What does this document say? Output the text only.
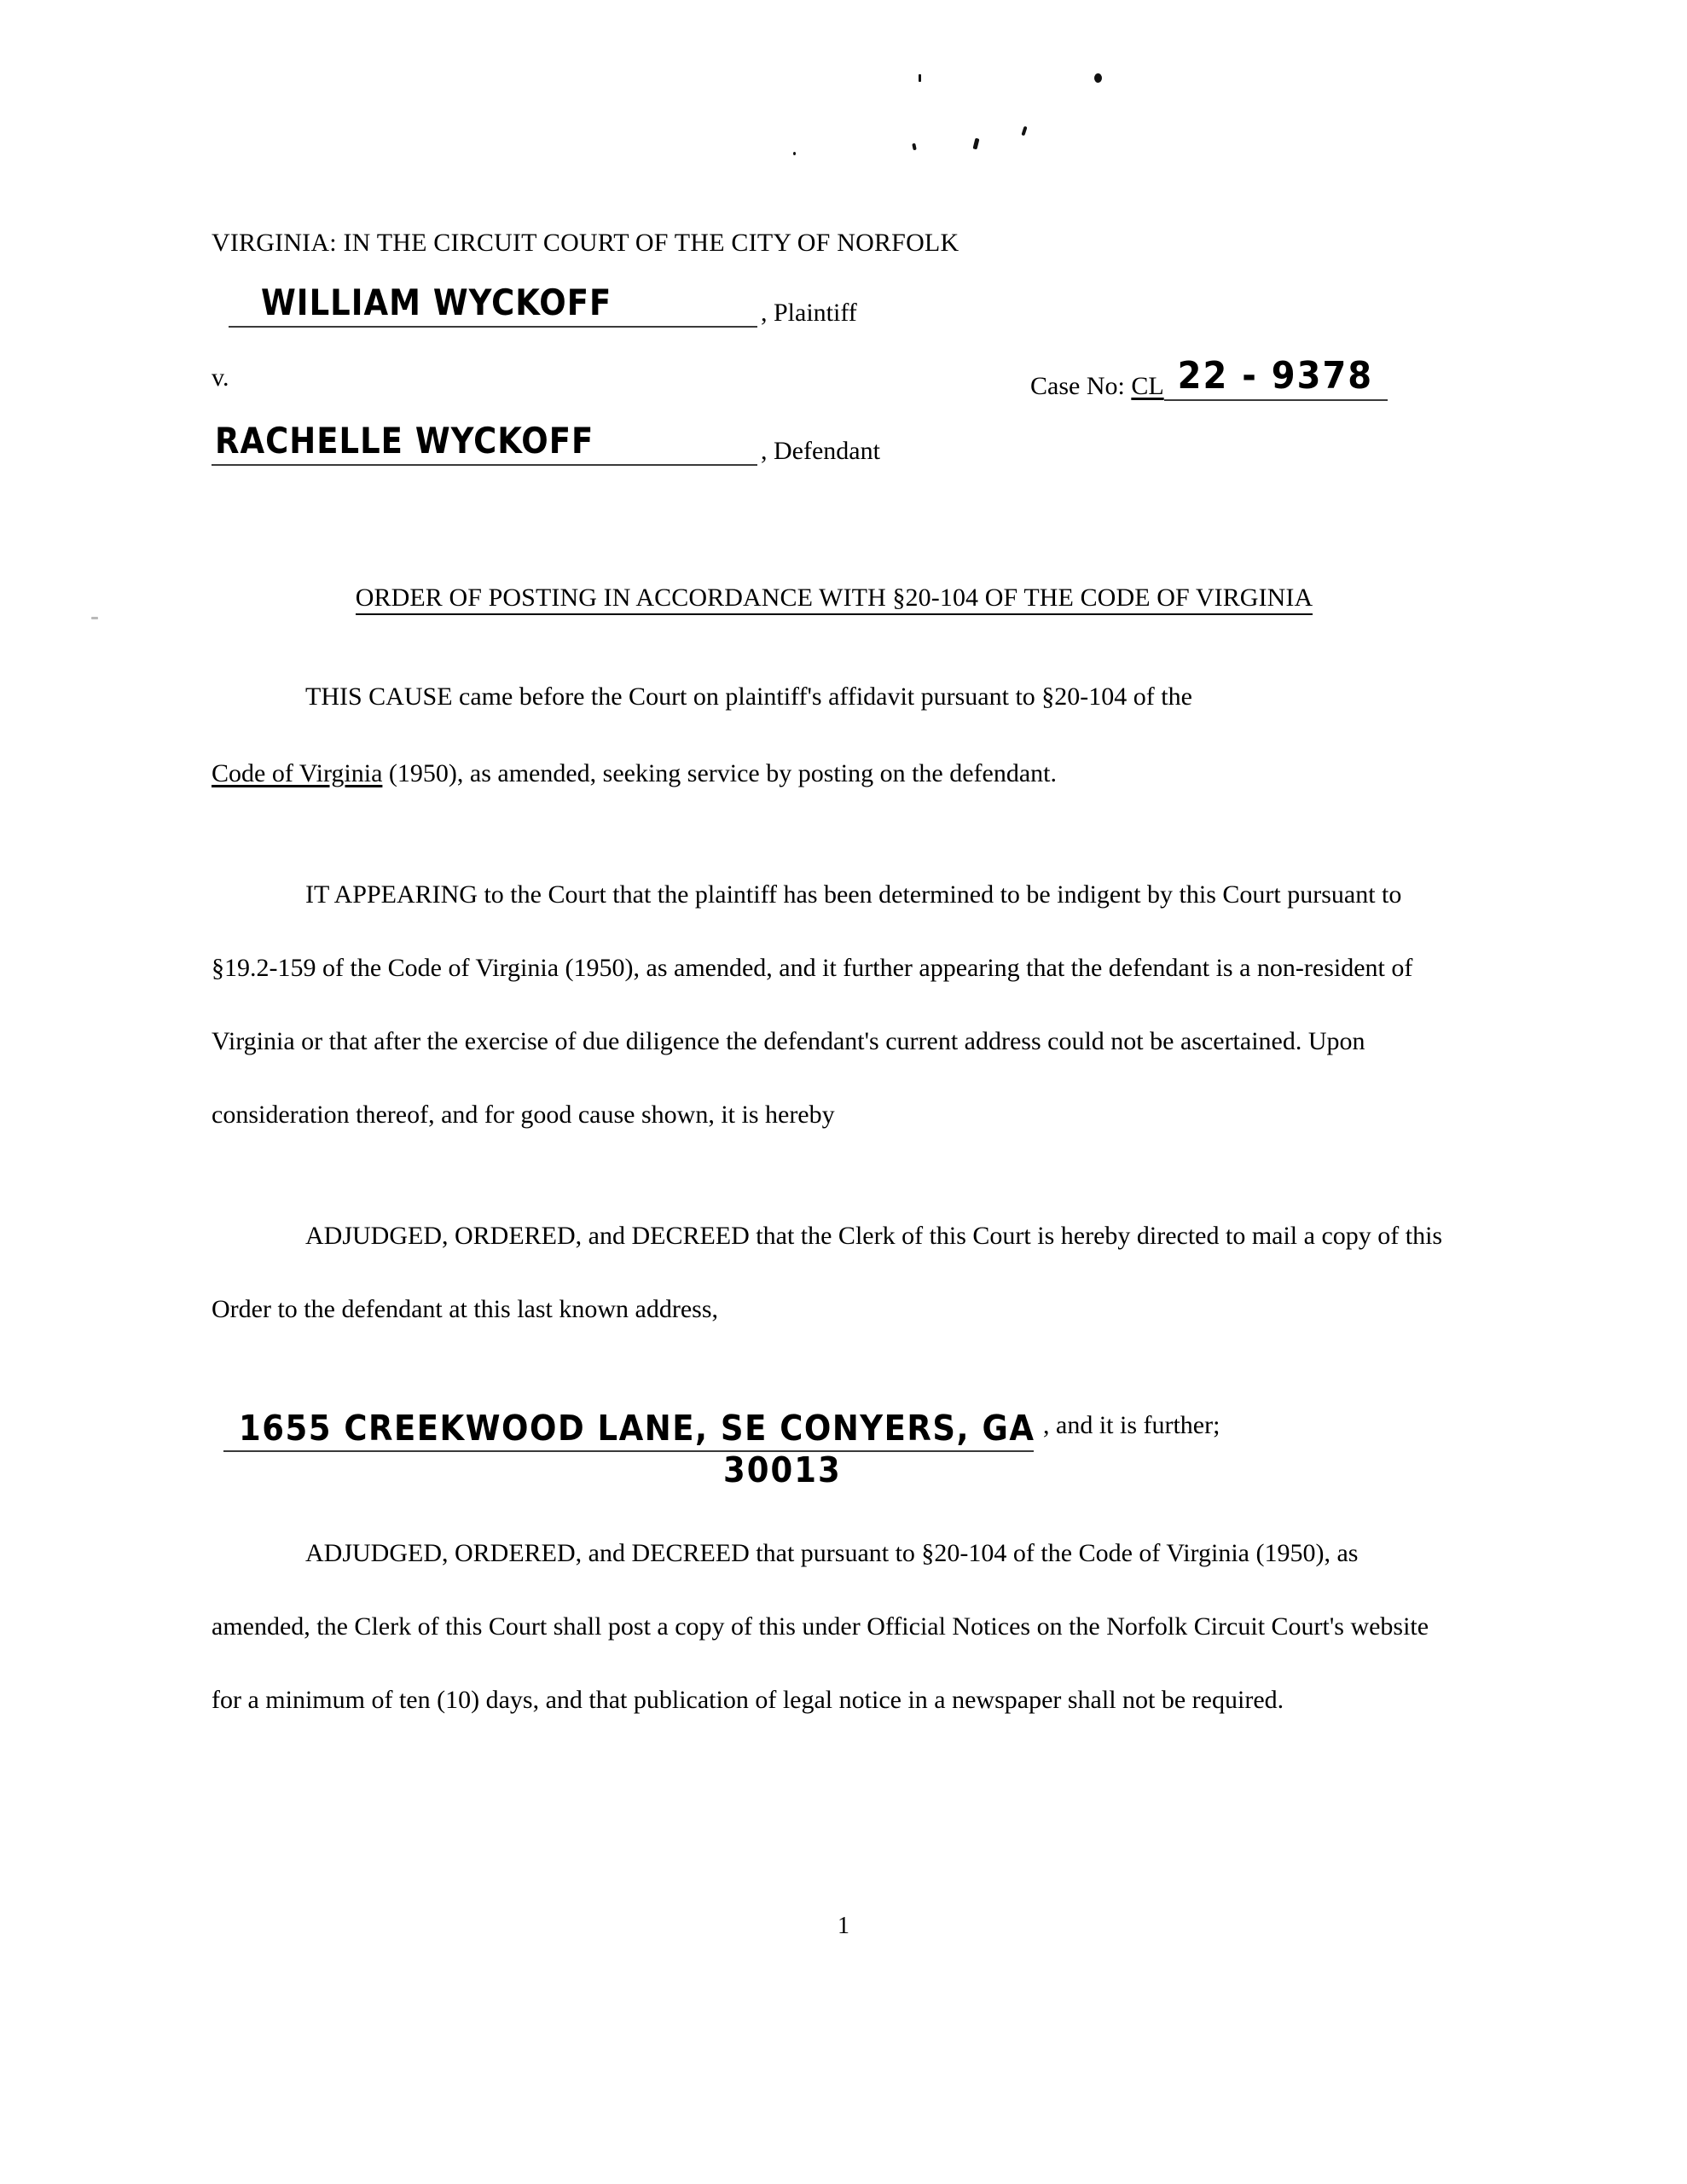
VIRGINIA: IN THE CIRCUIT COURT OF THE CITY OF NORFOLK
WILLIAM WYCKOFF	, Plaintiff
v.	Case No: CL 22 - 9378
RACHELLE WYCKOFF	, Defendant
ORDER OF POSTING IN ACCORDANCE WITH §20-104 OF THE CODE OF VIRGINIA

THIS CAUSE came before the Court on plaintiff's affidavit pursuant to §20-104 of the

Code of Virginia (1950), as amended, seeking service by posting on the defendant.

IT APPEARING to the Court that the plaintiff has been determined to be indigent by this Court pursuant to §19.2-159 of the Code of Virginia (1950), as amended, and it further appearing that the defendant is a non-resident of Virginia or that after the exercise of due diligence the defendant's current address could not be ascertained. Upon consideration thereof, and for good cause shown, it is hereby

ADJUDGED, ORDERED, and DECREED that the Clerk of this Court is hereby directed to mail a copy of this Order to the defendant at this last known address,

1655 CREEKWOOD LANE, SE CONYERS, GA
30013
, and it is further;

ADJUDGED, ORDERED, and DECREED that pursuant to §20-104 of the Code of Virginia (1950), as amended, the Clerk of this Court shall post a copy of this under Official Notices on the Norfolk Circuit Court's website for a minimum of ten (10) days, and that publication of legal notice in a newspaper shall not be required.

1
